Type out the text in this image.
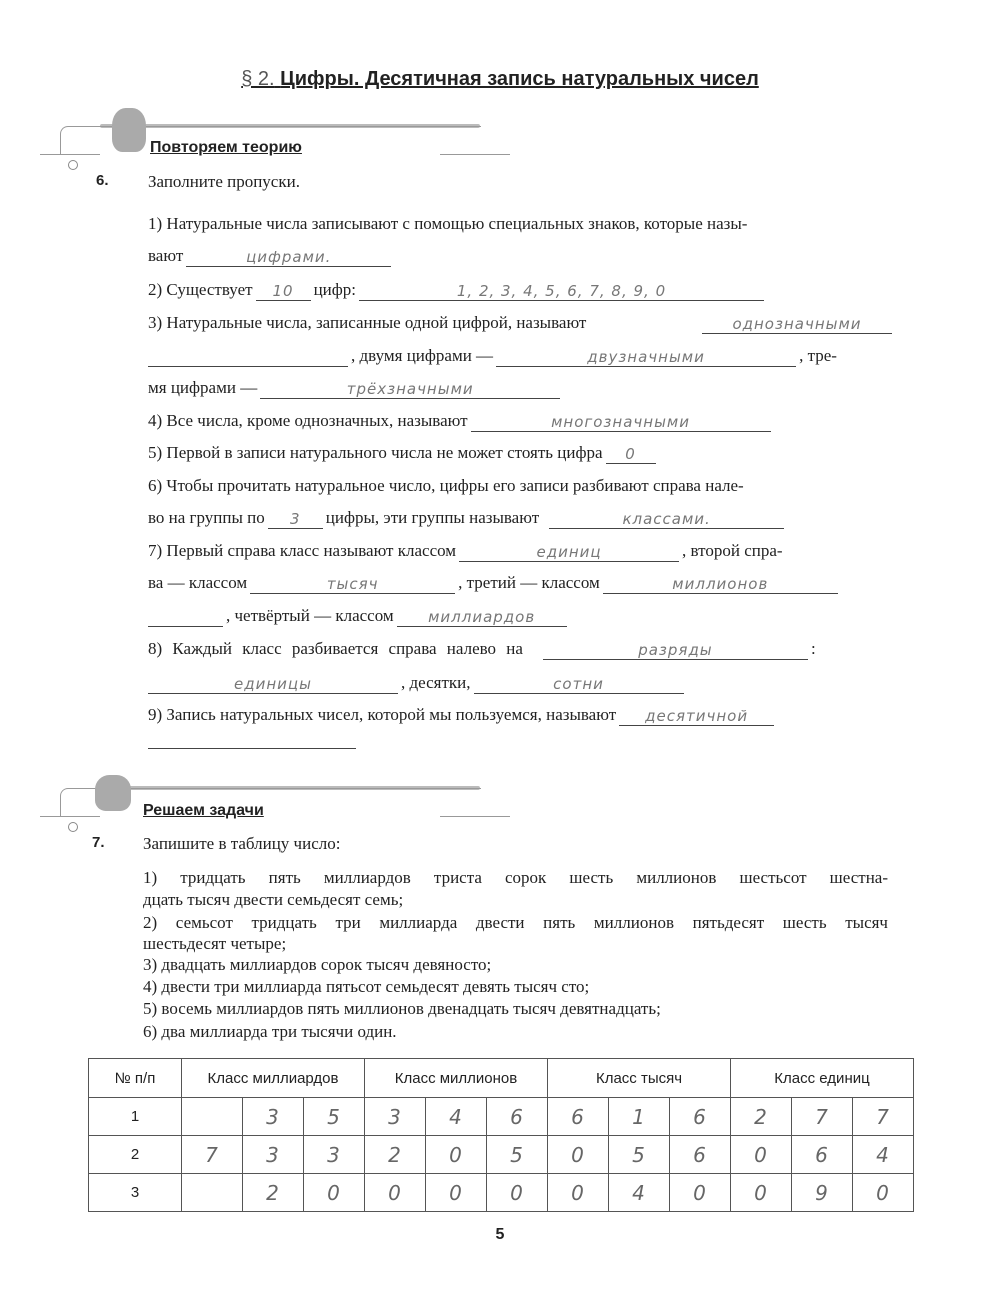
§ 2. Цифры. Десятичная запись натуральных чисел
Повторяем теорию
6. Заполните пропуски.
1) Натуральные числа записывают с помощью специальных знаков, которые назы-
вают	цифрами.
2) Существует	10	цифр:	1, 2, 3, 4, 5, 6, 7, 8, 9, 0
3) Натуральные числа, записанные одной цифрой, называют	однозначными
, двумя цифрами —	двузначными	, тре-
мя цифрами —	трёхзначными
4) Все числа, кроме однозначных, называют	многозначными
5) Первой в записи натурального числа не может стоять цифра	0
6) Чтобы прочитать натуральное число, цифры его записи разбивают справа нале-
во на группы по	3	цифры, эти группы называют	классами.
7) Первый справа класс называют классом	единиц	, второй спра-
ва — классом	тысяч	, третий — классом	миллионов
, четвёртый — классом	миллиардов
8) Каждый класс разбивается справа налево на	разряды	:
единицы	, десятки,	сотни
9) Запись натуральных чисел, которой мы пользуемся, называют	десятичной
Решаем задачи
7. Запишите в таблицу число:
1) тридцать пять миллиардов триста сорок шесть миллионов шестьсот шестна-
дцать тысяч двести семьдесят семь;
2) семьсот тридцать три миллиарда двести пять миллионов пятьдесят шесть тысяч
шестьдесят четыре;
3) двадцать миллиардов сорок тысяч девяносто;
4) двести три миллиарда пятьсот семьдесят девять тысяч сто;
5) восемь миллиардов пять миллионов двенадцать тысяч девятнадцать;
6) два миллиарда три тысячи один.
№ п/п	Класс миллиардов			Класс миллионов			Класс тысяч			Класс единиц		
1		3	5	3	4	6	6	1	6	2	7	7
2	7	3	3	2	0	5	0	5	6	0	6	4
3		2	0	0	0	0	0	4	0	0	9	0
5
